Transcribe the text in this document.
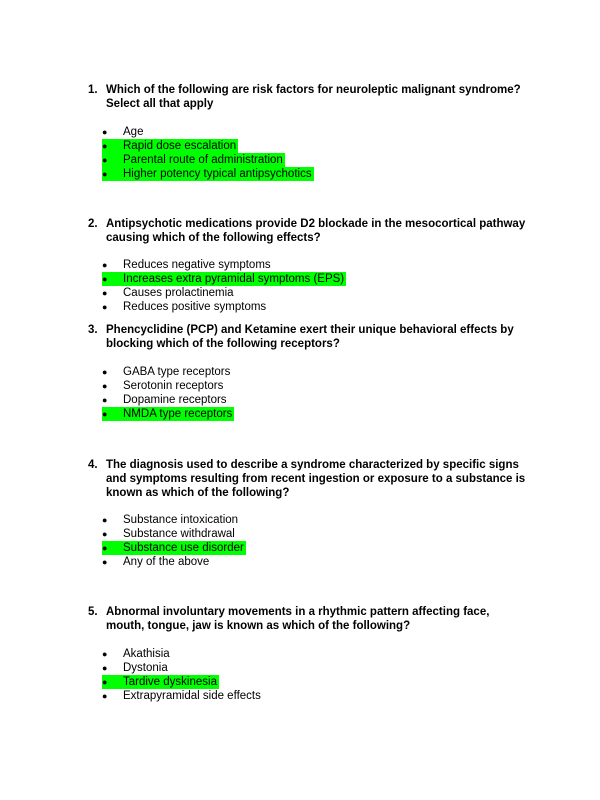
1. Which of the following are risk factors for neuroleptic malignant syndrome? Select all that apply
● Age
● Rapid dose escalation
● Parental route of administration
● Higher potency typical antipsychotics
2. Antipsychotic medications provide D2 blockade in the mesocortical pathway causing which of the following effects?
● Reduces negative symptoms
● Increases extra pyramidal symptoms (EPS)
● Causes prolactinemia
● Reduces positive symptoms
3. Phencyclidine (PCP) and Ketamine exert their unique behavioral effects by blocking which of the following receptors?
● GABA type receptors
● Serotonin receptors
● Dopamine receptors
● NMDA type receptors
4. The diagnosis used to describe a syndrome characterized by specific signs and symptoms resulting from recent ingestion or exposure to a substance is known as which of the following?
● Substance intoxication
● Substance withdrawal
● Substance use disorder
● Any of the above
5. Abnormal involuntary movements in a rhythmic pattern affecting face, mouth, tongue, jaw is known as which of the following?
● Akathisia
● Dystonia
● Tardive dyskinesia
● Extrapyramidal side effects
